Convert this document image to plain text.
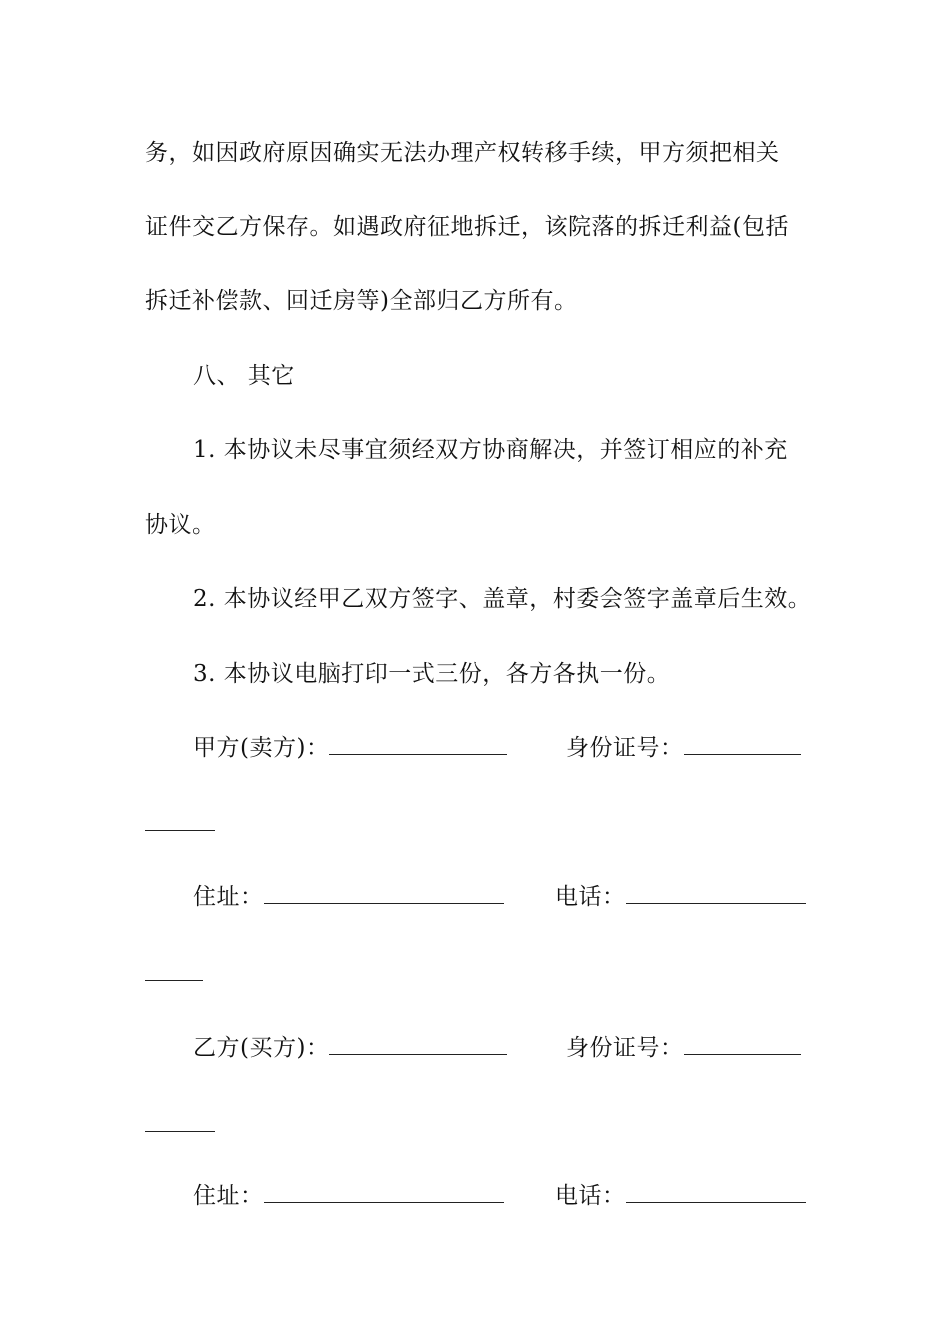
务，如因政府原因确实无法办理产权转移手续，甲方须把相关
证件交乙方保存。如遇政府征地拆迁，该院落的拆迁利益(包括
拆迁补偿款、回迁房等)全部归乙方所有。
八、 其它
1. 本协议未尽事宜须经双方协商解决，并签订相应的补充
协议。
2. 本协议经甲乙双方签字、盖章，村委会签字盖章后生效。
3. 本协议电脑打印一式三份，各方各执一份。
甲方(卖方)：	身份证号：
住址：	电话：
乙方(买方)：	身份证号：
住址：	电话：
